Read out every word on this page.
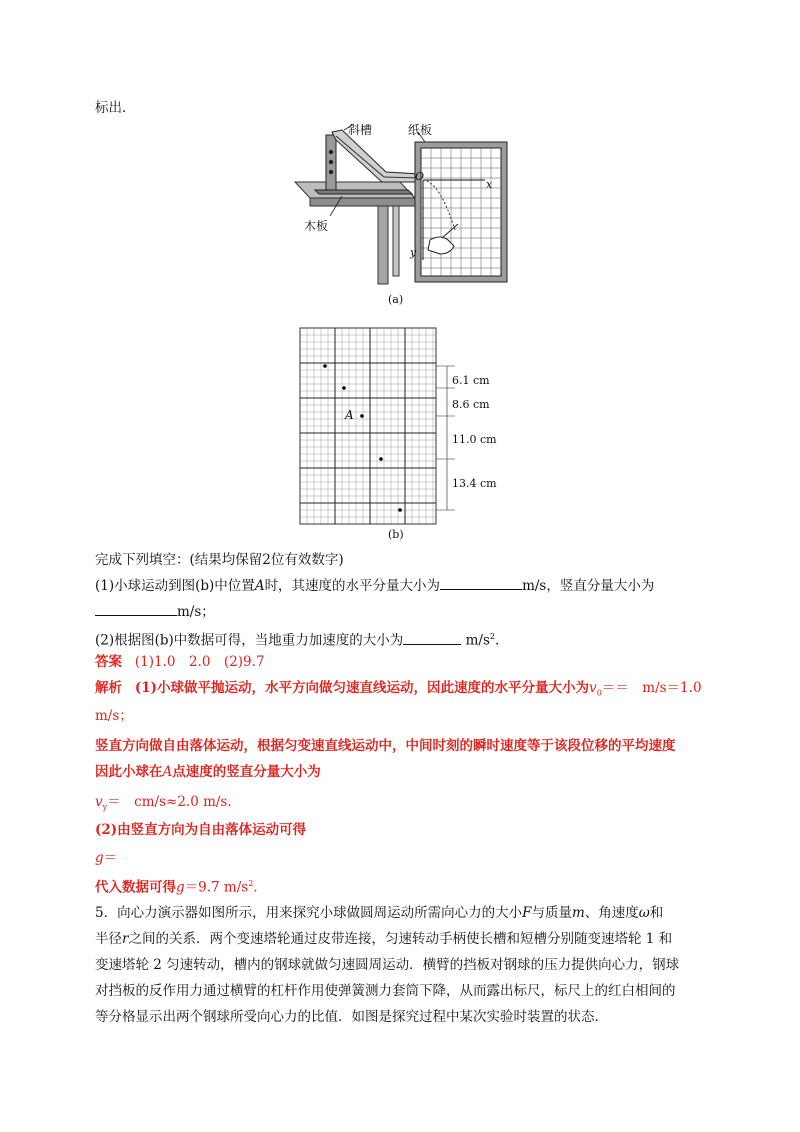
标出．
斜槽	纸板
木板
O
x
y
(a)
A
6.1 cm
8.6 cm
11.0 cm
13.4 cm
(b)
完成下列填空：(结果均保留2位有效数字)
(1)小球运动到图(b)中位置A时，其速度的水平分量大小为	m/s，竖直分量大小为
m/s；
(2)根据图(b)中数据可得，当地重力加速度的大小为	$m/s^2$.
答案 (1)1.0　2.0　(2)9.7
解析 (1)小球做平抛运动，水平方向做匀速直线运动，因此速度的水平分量大小为$v_0==$　m/s＝1.0
m/s；
竖直方向做自由落体运动，根据匀变速直线运动中，中间时刻的瞬时速度等于该段位移的平均速度
因此小球在A点速度的竖直分量大小为
$v_y=$　cm/s≈2.0 m/s.
(2)由竖直方向为自由落体运动可得
g＝
代入数据可得g＝9.7 $m/s^2$.
5．向心力演示器如图所示，用来探究小球做圆周运动所需向心力的大小F与质量m、角速度ω和
半径r之间的关系．两个变速塔轮通过皮带连接，匀速转动手柄使长槽和短槽分别随变速塔轮 1 和
变速塔轮 2 匀速转动，槽内的钢球就做匀速圆周运动．横臂的挡板对钢球的压力提供向心力，钢球
对挡板的反作用力通过横臂的杠杆作用使弹簧测力套筒下降，从而露出标尺，标尺上的红白相间的
等分格显示出两个钢球所受向心力的比值．如图是探究过程中某次实验时装置的状态．
